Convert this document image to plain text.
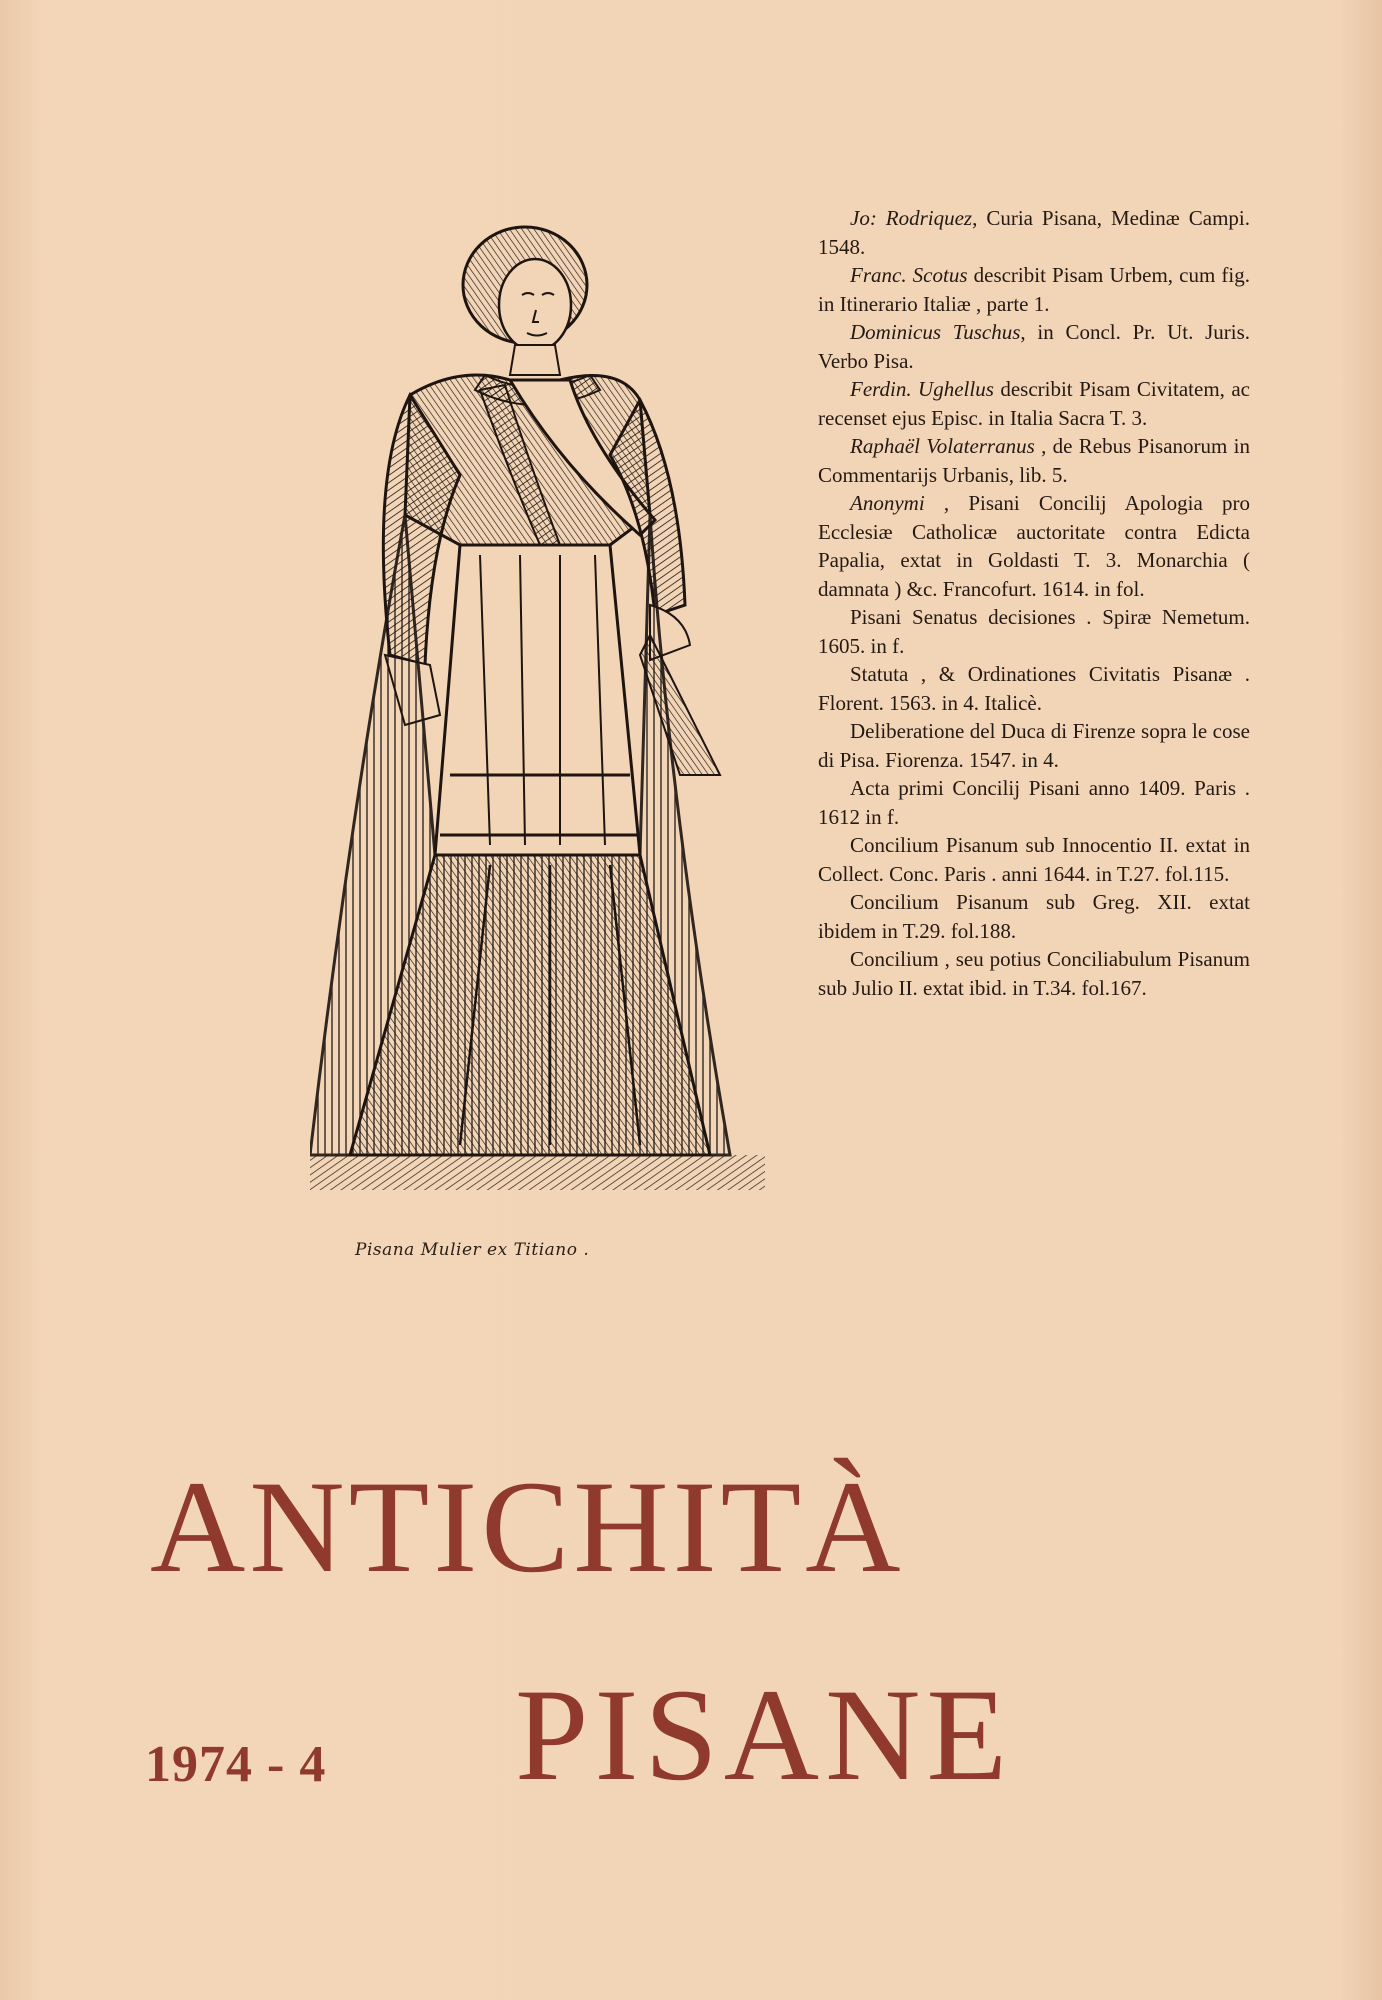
Pisana Mulier ex Titiano .

Jo: Rodriquez, Curia Pisana, Medinæ Campi. 1548.

Franc. Scotus describit Pisam Urbem, cum fig. in Itinerario Italiæ , parte 1.

Dominicus Tuschus, in Concl. Pr. Ut. Juris. Verbo Pisa.

Ferdin. Ughellus describit Pisam Civitatem, ac recenset ejus Episc. in Italia Sacra T. 3.

Raphaël Volaterranus , de Rebus Pisanorum in Commentarijs Urbanis, lib. 5.

Anonymi , Pisani Concilij Apologia pro Ecclesiæ Catholicæ auctoritate contra Edicta Papalia, extat in Goldasti T. 3. Monarchia ( damnata ) &c. Francofurt. 1614. in fol.

Pisani Senatus decisiones . Spiræ Nemetum. 1605. in f.

Statuta , & Ordinationes Civitatis Pisanæ . Florent. 1563. in 4. Italicè.

Deliberatione del Duca di Firenze sopra le cose di Pisa. Fiorenza. 1547. in 4.

Acta primi Concilij Pisani anno 1409. Paris . 1612 in f.

Concilium Pisanum sub Innocentio II. extat in Collect. Conc. Paris . anni 1644. in T.27. fol.115.

Concilium Pisanum sub Greg. XII. extat ibidem in T.29. fol.188.

Concilium , seu potius Conciliabulum Pisanum sub Julio II. extat ibid. in T.34. fol.167.

ANTICHITÀ
1974 - 4 PISANE
